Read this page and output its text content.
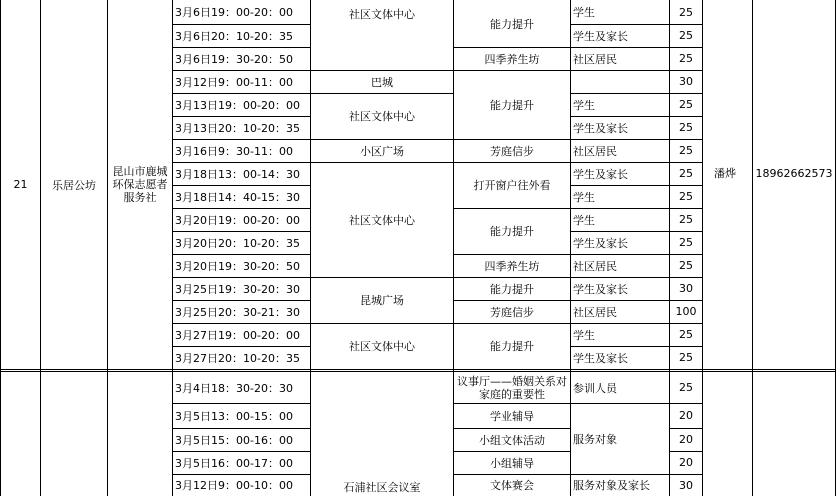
21	乐居公坊
昆山市鹿城环保志愿者服务社
潘烨	18962662573
3月6日19：00-20：00
3月6日20：10-20：35
3月6日19：30-20：50
3月12日9：00-11：00
3月13日19：00-20：00
3月13日20：10-20：35
3月16日9：30-11：00
3月18日13：00-14：30
3月18日14：40-15：30
3月20日19：00-20：00
3月20日20：10-20：35
3月20日19：30-20：50
3月25日19：30-20：30
3月25日20：30-21：30
3月27日19：00-20：00
3月27日20：10-20：35
3月4日18：30-20：30
3月5日13：00-15：00
3月5日15：00-16：00
3月5日16：00-17：00
3月12日9：00-10：00
社区文体中心
巴城
社区文体中心
小区广场
社区文体中心
昆城广场
社区文体中心
石浦社区会议室
能力提升
四季养生坊
能力提升
芳庭信步
打开窗户往外看
能力提升
四季养生坊
能力提升
芳庭信步
能力提升
议事厅——婚姻关系对家庭的重要性
学业辅导
小组文体活动
小组辅导
文体赛会
学生
学生及家长
社区居民
学生
学生及家长
社区居民
学生及家长
学生
学生
学生及家长
社区居民
学生及家长
社区居民
学生
学生及家长
参训人员
服务对象
服务对象及家长
25
25
25
30
25
25
25
25
25
25
25
25
30
100
25
25
25
20
20
20
30
